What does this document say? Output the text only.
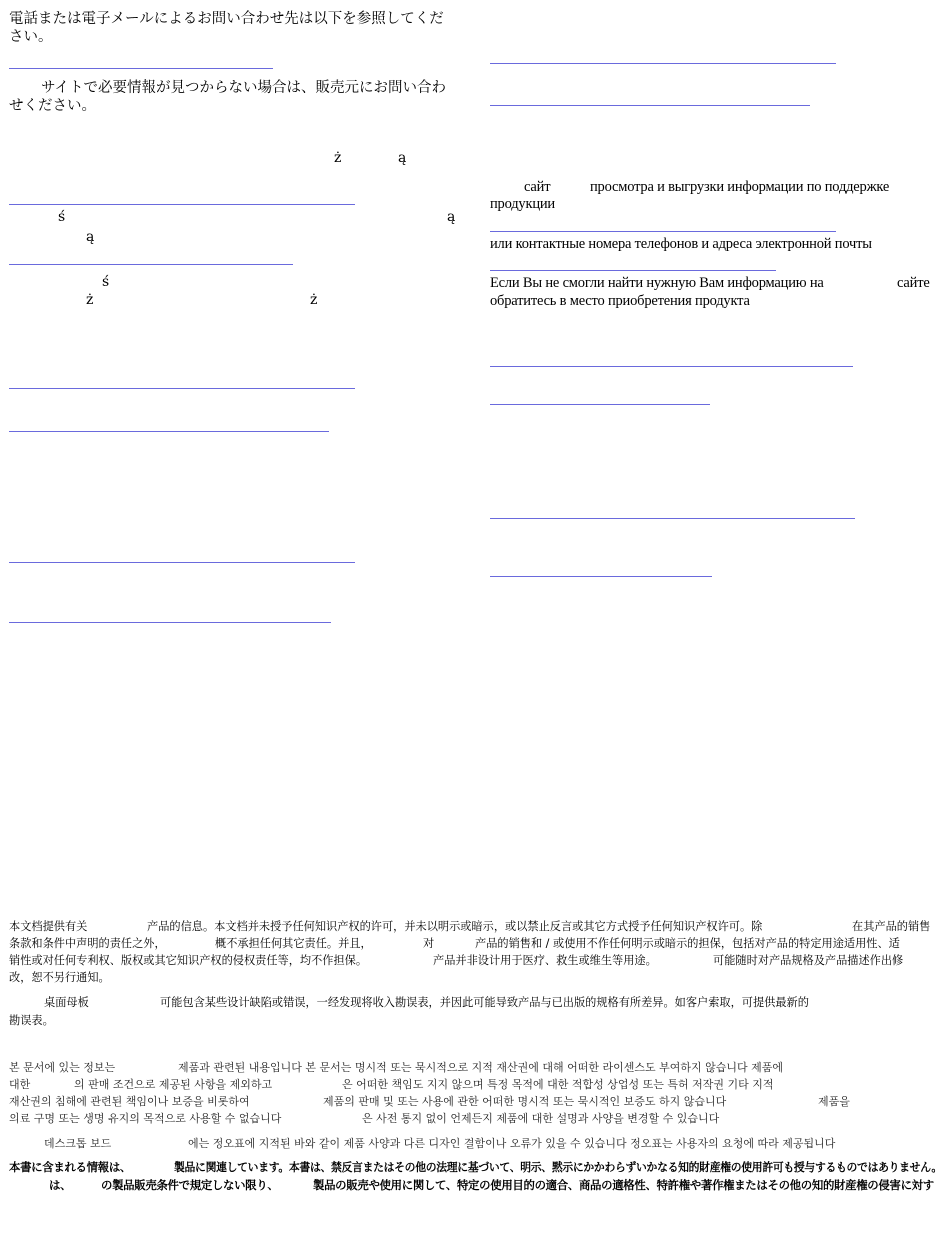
電話または電子メールによるお問い合わせ先は以下を参照してください。
サイトで必要情報が見つからない場合は、販売元にお問い合わせください。
ż	ą
ś	ą
ą
ś
ż	ż
сайт	просмотра и выгрузки информации по поддержке
продукции
или контактные номера телефонов и адреса электронной почты
Если Вы не смогли найти нужную Вам информацию на	сайте
обратитесь в место приобретения продукта
本文档提供有关	产品的信息。本文档并未授予任何知识产权的许可，并未以明示或暗示，或以禁止反言或其它方式授予任何知识产权许可。除	在其产品的销售
条款和条件中声明的责任之外，	概不承担任何其它责任。并且，	对	产品的销售和 / 或使用不作任何明示或暗示的担保，包括对产品的特定用途适用性、适
销性或对任何专利权、版权或其它知识产权的侵权责任等，均不作担保。	产品并非设计用于医疗、救生或维生等用途。	可能随时对产品规格及产品描述作出修
改，恕不另行通知。
桌面母板	可能包含某些设计缺陷或错误，一经发现将收入勘误表，并因此可能导致产品与已出版的规格有所差异。如客户索取，可提供最新的
勘误表。
본 문서에 있는 정보는	제품과 관련된 내용입니다 본 문서는 명시적 또는 묵시적으로 지적 재산권에 대해 어떠한 라이센스도 부여하지 않습니다 제품에
대한	의 판매 조건으로 제공된 사항을 제외하고	은 어떠한 책임도 지지 않으며 특정 목적에 대한 적합성 상업성 또는 특허 저작권 기타 지적
재산권의 침해에 관련된 책임이나 보증을 비롯하여	제품의 판매 및 또는 사용에 관한 어떠한 명시적 또는 묵시적인 보증도 하지 않습니다	제품을
의료 구명 또는 생명 유지의 목적으로 사용할 수 없습니다	은 사전 통지 없이 언제든지 제품에 대한 설명과 사양을 변경할 수 있습니다
데스크톱 보드	에는 정오표에 지적된 바와 같이 제품 사양과 다른 디자인 결함이나 오류가 있을 수 있습니다 정오표는 사용자의 요청에 따라 제공됩니다
本書に含まれる情報は、	製品に関連しています。本書は、禁反言またはその他の法理に基づいて、明示、黙示にかかわらずいかなる知的財産権の使用許可も授与するものではありません。
は、	の製品販売条件で規定しない限り、	製品の販売や使用に関して、特定の使用目的の適合、商品の適格性、特許権や著作権またはその他の知的財産権の侵害に対す
